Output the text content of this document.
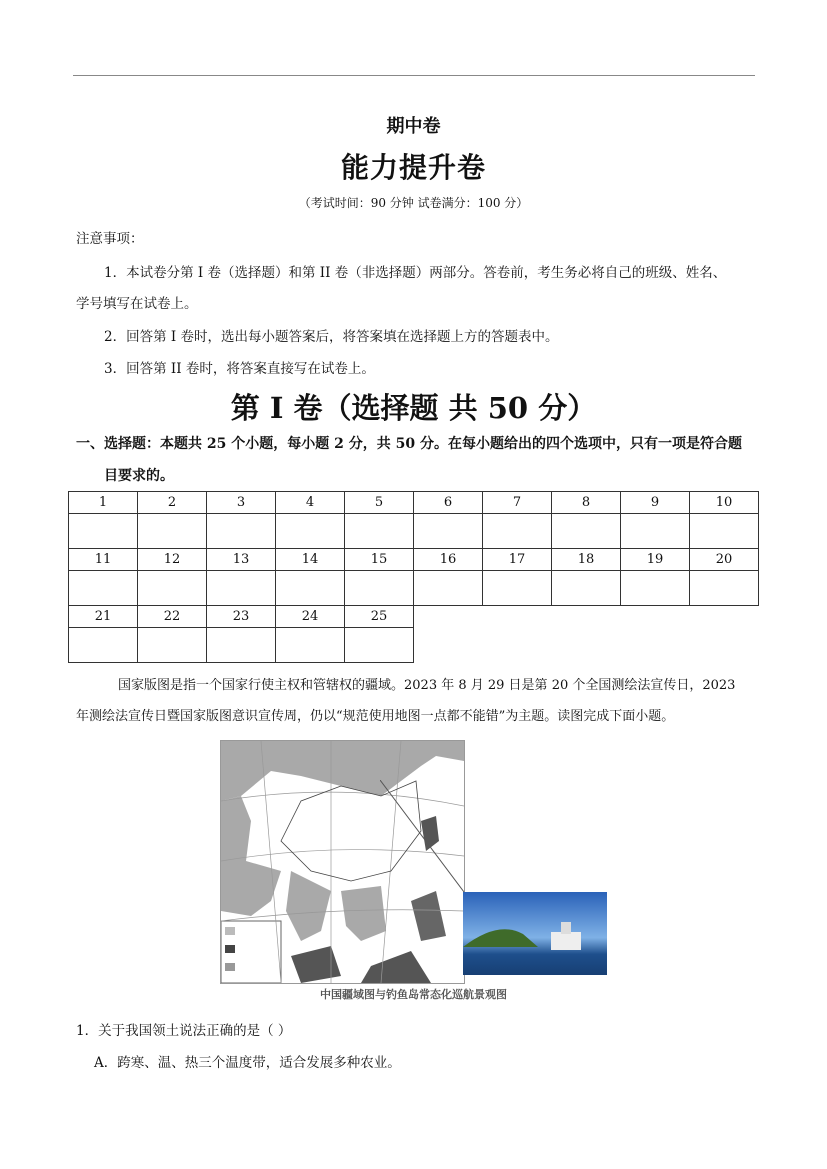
期中卷
能力提升卷
（考试时间：90 分钟 试卷满分：100 分）
注意事项：
1．本试卷分第 I 卷（选择题）和第 II 卷（非选择题）两部分。答卷前，考生务必将自己的班级、姓名、
学号填写在试卷上。
2．回答第 I 卷时，选出每小题答案后，将答案填在选择题上方的答题表中。
3．回答第 II 卷时，将答案直接写在试卷上。
第 I 卷（选择题 共 50 分）
一、选择题：本题共 25 个小题，每小题 2 分，共 50 分。在每小题给出的四个选项中，只有一项是符合题
目要求的。
1	2	3	4	5	6	7	8	9	10

11	12	13	14	15	16	17	18	19	20

21	22	23	24	25					

国家版图是指一个国家行使主权和管辖权的疆域。2023 年 8 月 29 日是第 20 个全国测绘法宣传日，2023
年测绘法宣传日暨国家版图意识宣传周，仍以“规范使用地图一点都不能错”为主题。读图完成下面小题。
中国疆域图与钓鱼岛常态化巡航景观图
1．关于我国领土说法正确的是（ ）
A．跨寒、温、热三个温度带，适合发展多种农业。
